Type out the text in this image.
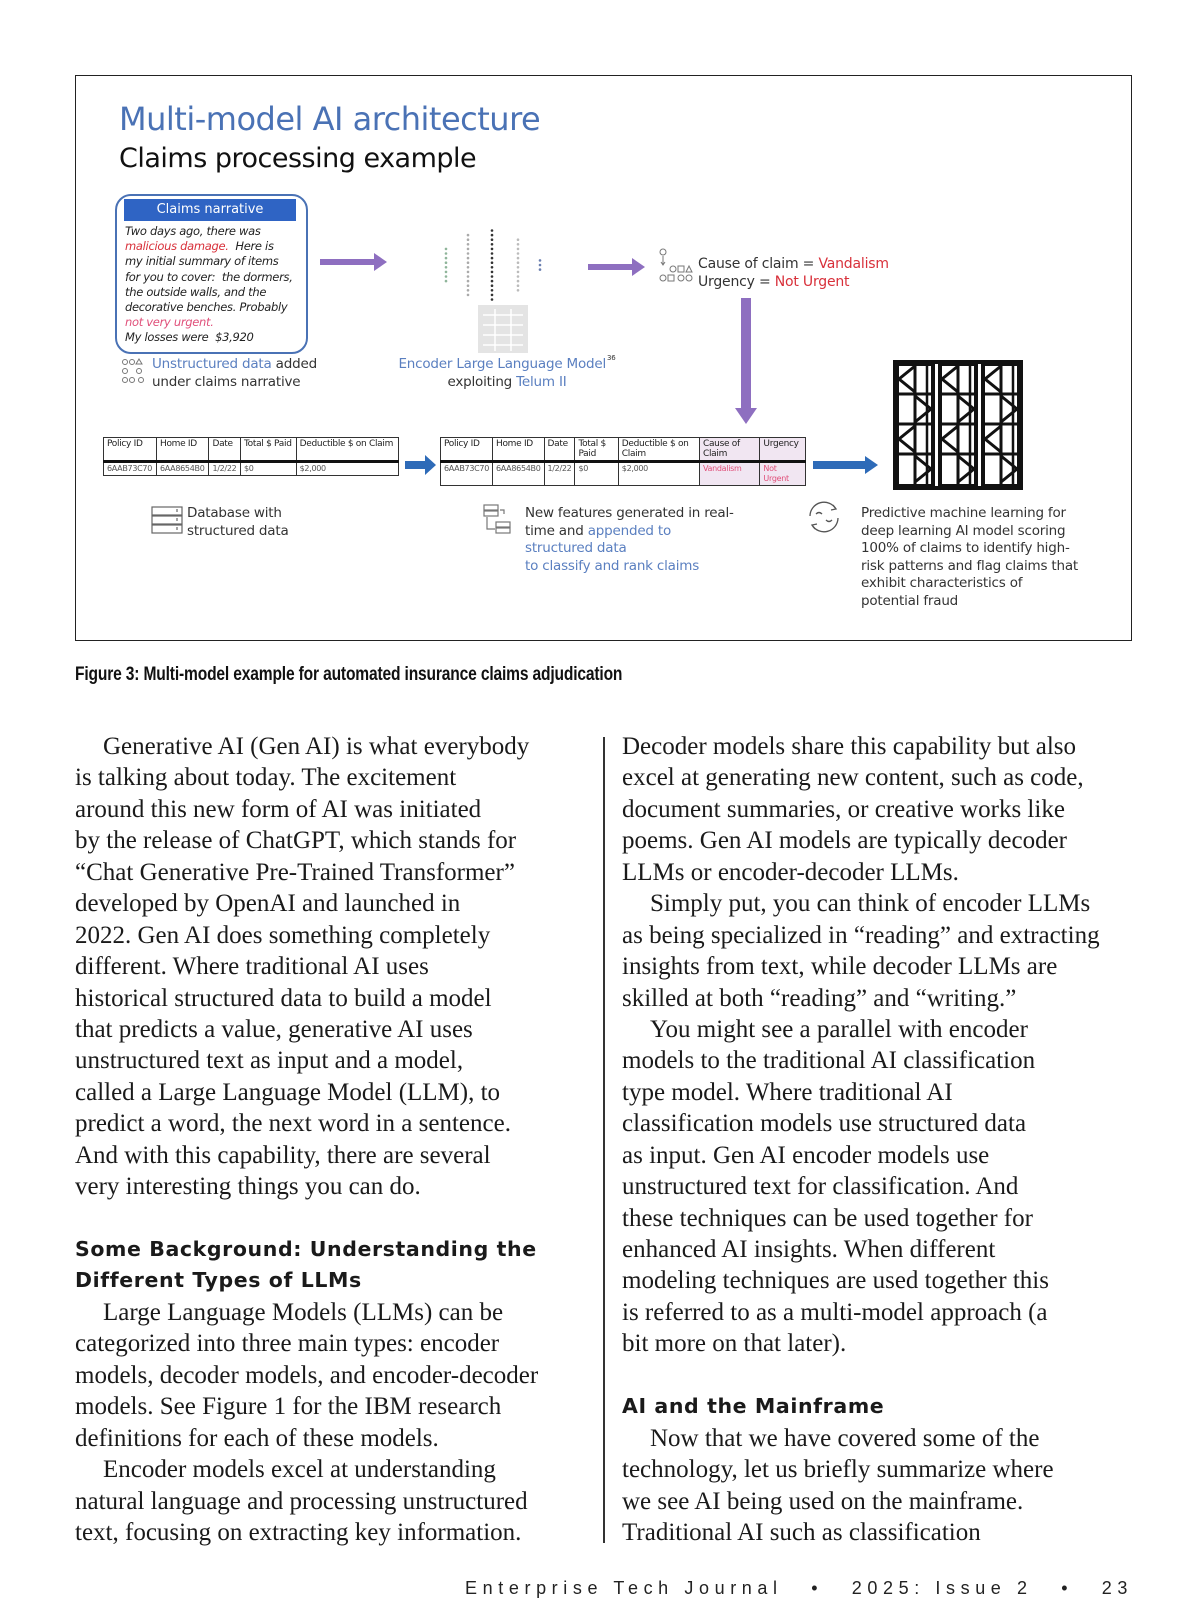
Multi-model AI architecture
Claims processing example
Claims narrative
Two days ago, there was
malicious damage.  Here is
my initial summary of items
for you to cover:  the dormers,
the outside walls, and the
decorative benches. Probably
not very urgent.
My losses were  $3,920
Unstructured data added
under claims narrative
Encoder Large Language Model$^{36}$
exploiting Telum II
Cause of claim = Vandalism
Urgency = Not Urgent
Policy ID	Home ID	Date	Total $ Paid	Deductible $ on Claim
6AAB73C70	6AA8654B0	1/2/22	$0	$2,000
Policy ID	Home ID	Date	Total $ Paid	Deductible $ on Claim	Cause of Claim	Urgency
6AAB73C70	6AA8654B0	1/2/22	$0	$2,000	Vandalism	Not Urgent
Database with
structured data
New features generated in real-
time and appended to
structured data
to classify and rank claims
Predictive machine learning for
deep learning AI model scoring
100% of claims to identify high-
risk patterns and flag claims that
exhibit characteristics of
potential fraud
Figure 3: Multi-model example for automated insurance claims adjudication
Generative AI (Gen AI) is what everybody
is talking about today. The excitement
around this new form of AI was initiated
by the release of ChatGPT, which stands for
“Chat Generative Pre-Trained Transformer”
developed by OpenAI and launched in
2022. Gen AI does something completely
different. Where traditional AI uses
historical structured data to build a model
that predicts a value, generative AI uses
unstructured text as input and a model,
called a Large Language Model (LLM), to
predict a word, the next word in a sentence.
And with this capability, there are several
very interesting things you can do.
Some Background: Understanding the
Different Types of LLMs
Large Language Models (LLMs) can be
categorized into three main types: encoder
models, decoder models, and encoder-decoder
models. See Figure 1 for the IBM research
definitions for each of these models.
Encoder models excel at understanding
natural language and processing unstructured
text, focusing on extracting key information.
Decoder models share this capability but also
excel at generating new content, such as code,
document summaries, or creative works like
poems. Gen AI models are typically decoder
LLMs or encoder-decoder LLMs.
Simply put, you can think of encoder LLMs
as being specialized in “reading” and extracting
insights from text, while decoder LLMs are
skilled at both “reading” and “writing.”
You might see a parallel with encoder
models to the traditional AI classification
type model. Where traditional AI
classification models use structured data
as input. Gen AI encoder models use
unstructured text for classification. And
these techniques can be used together for
enhanced AI insights. When different
modeling techniques are used together this
is referred to as a multi-model approach (a
bit more on that later).
AI and the Mainframe
Now that we have covered some of the
technology, let us briefly summarize where
we see AI being used on the mainframe.
Traditional AI such as classification
Enterprise Tech Journal • 2025: Issue 2 • 23
